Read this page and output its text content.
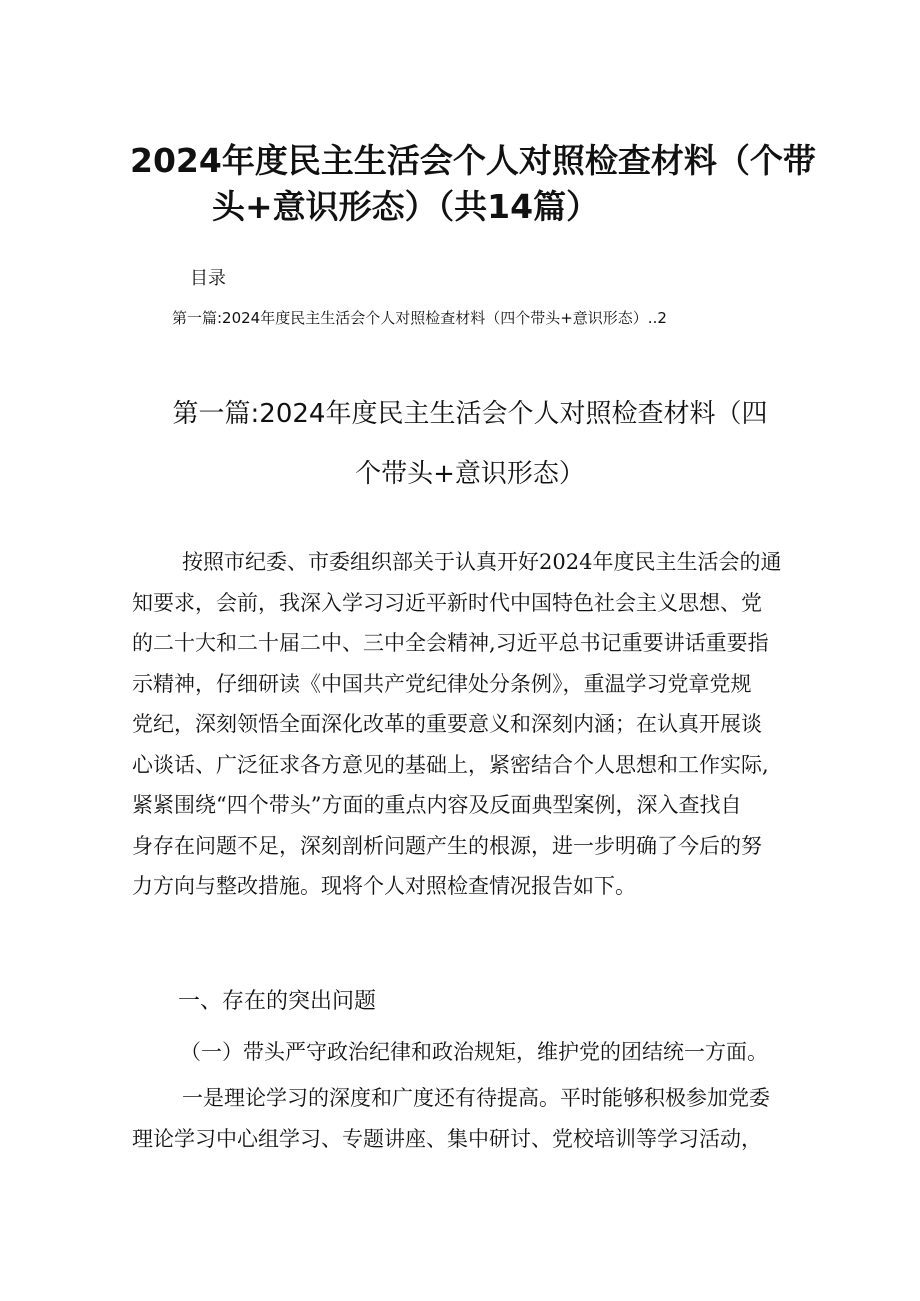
2024年度民主生活会个人对照检查材料（个带
头+意识形态）（共14篇）
目录
第一篇:2024年度民主生活会个人对照检查材料（四个带头+意识形态）..2
第一篇:2024年度民主生活会个人对照检查材料（四
个带头+意识形态）
按照市纪委、市委组织部关于认真开好2024年度民主生活会的通
知要求，会前，我深入学习习近平新时代中国特色社会主义思想、党
的二十大和二十届二中、三中全会精神,习近平总书记重要讲话重要指
示精神，仔细研读《中国共产党纪律处分条例》，重温学习党章党规
党纪，深刻领悟全面深化改革的重要意义和深刻内涵；在认真开展谈
心谈话、广泛征求各方意见的基础上，紧密结合个人思想和工作实际,
紧紧围绕“四个带头”方面的重点内容及反面典型案例，深入查找自
身存在问题不足，深刻剖析问题产生的根源，进一步明确了今后的努
力方向与整改措施。现将个人对照检查情况报告如下。
一、存在的突出问题
（一）带头严守政治纪律和政治规矩，维护党的团结统一方面。
一是理论学习的深度和广度还有待提高。平时能够积极参加党委
理论学习中心组学习、专题讲座、集中研讨、党校培训等学习活动，
